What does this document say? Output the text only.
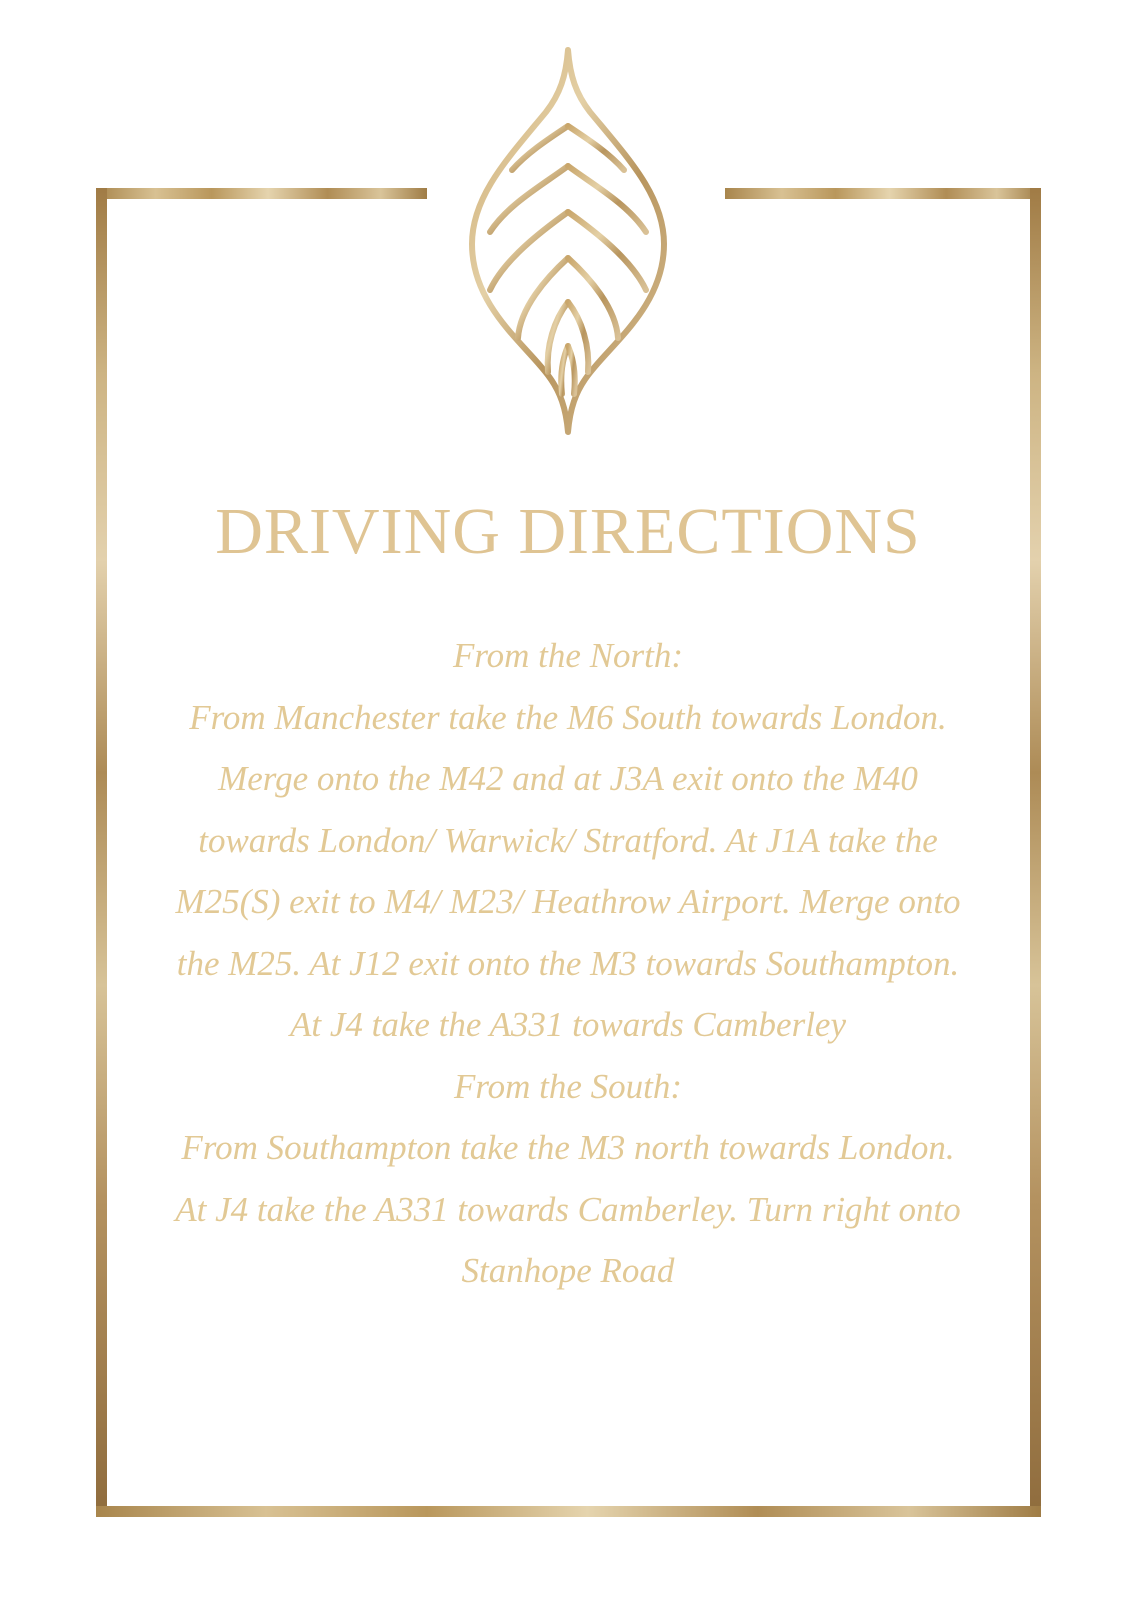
DRIVING DIRECTIONS
From the North:
From Manchester take the M6 South towards London.
Merge onto the M42 and at J3A exit onto the M40
towards London/ Warwick/ Stratford. At J1A take the
M25(S) exit to M4/ M23/ Heathrow Airport. Merge onto
the M25. At J12 exit onto the M3 towards Southampton.
At J4 take the A331 towards Camberley
From the South:
From Southampton take the M3 north towards London.
At J4 take the A331 towards Camberley. Turn right onto
Stanhope Road
